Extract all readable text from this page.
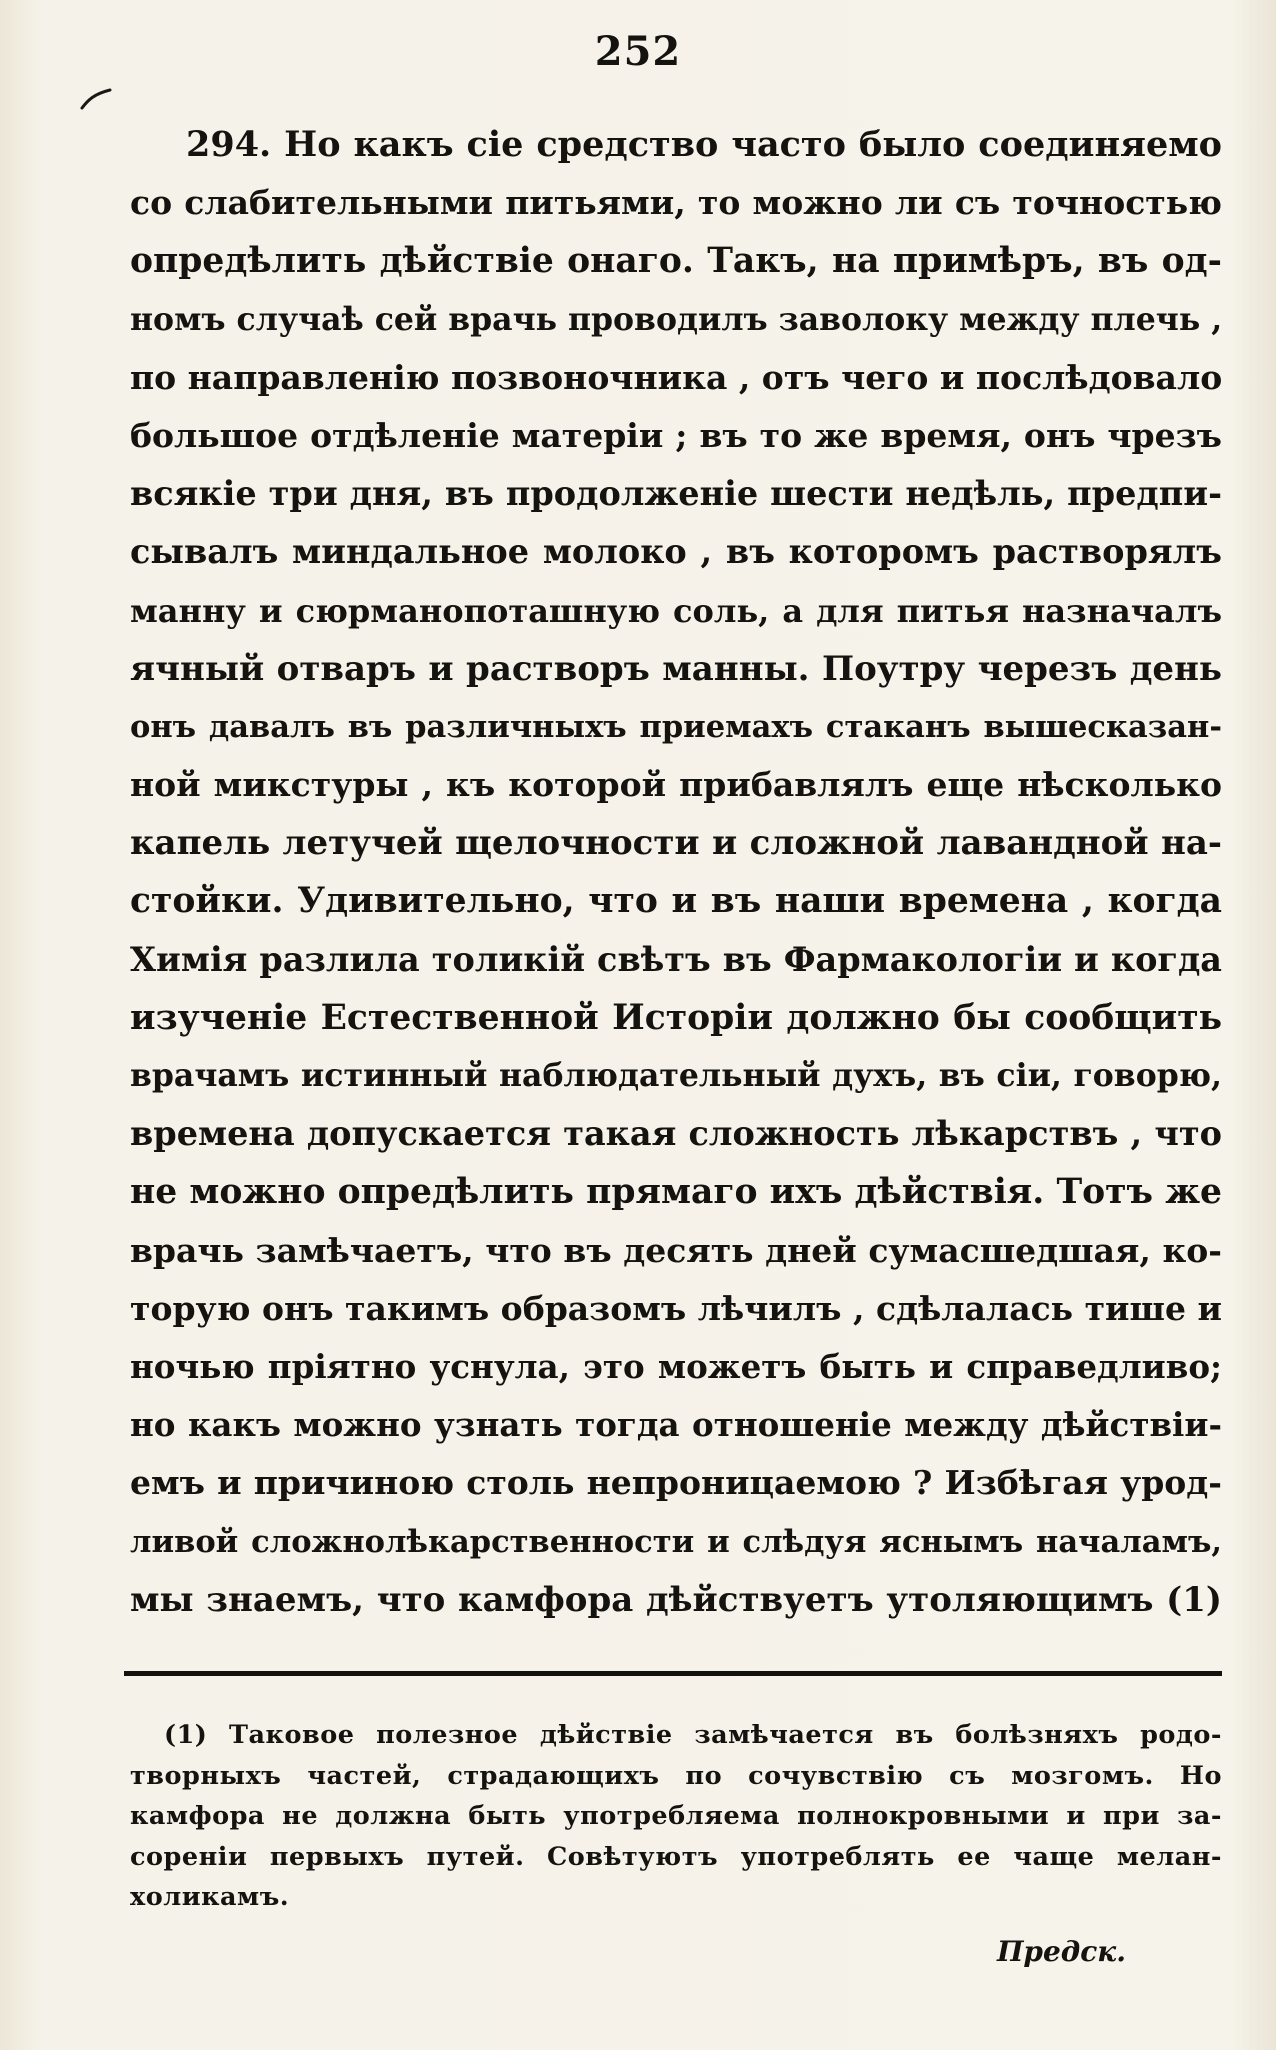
252
294. Но какъ сіе средство часто было соединяемо
со слабительными питьями, то можно ли съ точностью
опредѣлить дѣйствіе онаго. Такъ, на примѣръ, въ од-
номъ случаѣ сей врачь проводилъ заволоку между плечь ,
по направленію позвоночника , отъ чего и послѣдовало
большое отдѣленіе матеріи ; въ то же время, онъ чрезъ
всякіе три дня, въ продолженіе шести недѣль, предпи-
сывалъ миндальное молоко , въ которомъ растворялъ
манну и сюрманопоташную соль, а для питья назначалъ
ячный отваръ и растворъ манны. Поутру черезъ день
онъ давалъ въ различныхъ приемахъ стаканъ вышесказан-
ной микстуры , къ которой прибавлялъ еще нѣсколько
капель летучей щелочности и сложной лавандной на-
стойки. Удивительно, что и въ наши времена , когда
Химія разлила толикій свѣтъ въ Фармакологіи и когда
изученіе Естественной Исторіи должно бы сообщить
врачамъ истинный наблюдательный духъ, въ сіи, говорю,
времена допускается такая сложность лѣкарствъ , что
не можно опредѣлить прямаго ихъ дѣйствія. Тотъ же
врачь замѣчаетъ, что въ десять дней сумасшедшая, ко-
торую онъ такимъ образомъ лѣчилъ , сдѣлалась тише и
ночью пріятно уснула, это можетъ быть и справедливо;
но какъ можно узнать тогда отношеніе между дѣйствіи-
емъ и причиною столь непроницаемою ? Избѣгая урод-
ливой сложнолѣкарственности и слѣдуя яснымъ началамъ,
мы знаемъ, что камфора дѣйствуетъ утоляющимъ (1)
(1) Таковое полезное дѣйствіе замѣчается въ болѣзняхъ родо-
творныхъ частей, страдающихъ по сочувствію съ мозгомъ. Но
камфора не должна быть употребляема полнокровными и при за-
сореніи первыхъ путей. Совѣтуютъ употреблять ее чаще мелан-
холикамъ.
Предск.
